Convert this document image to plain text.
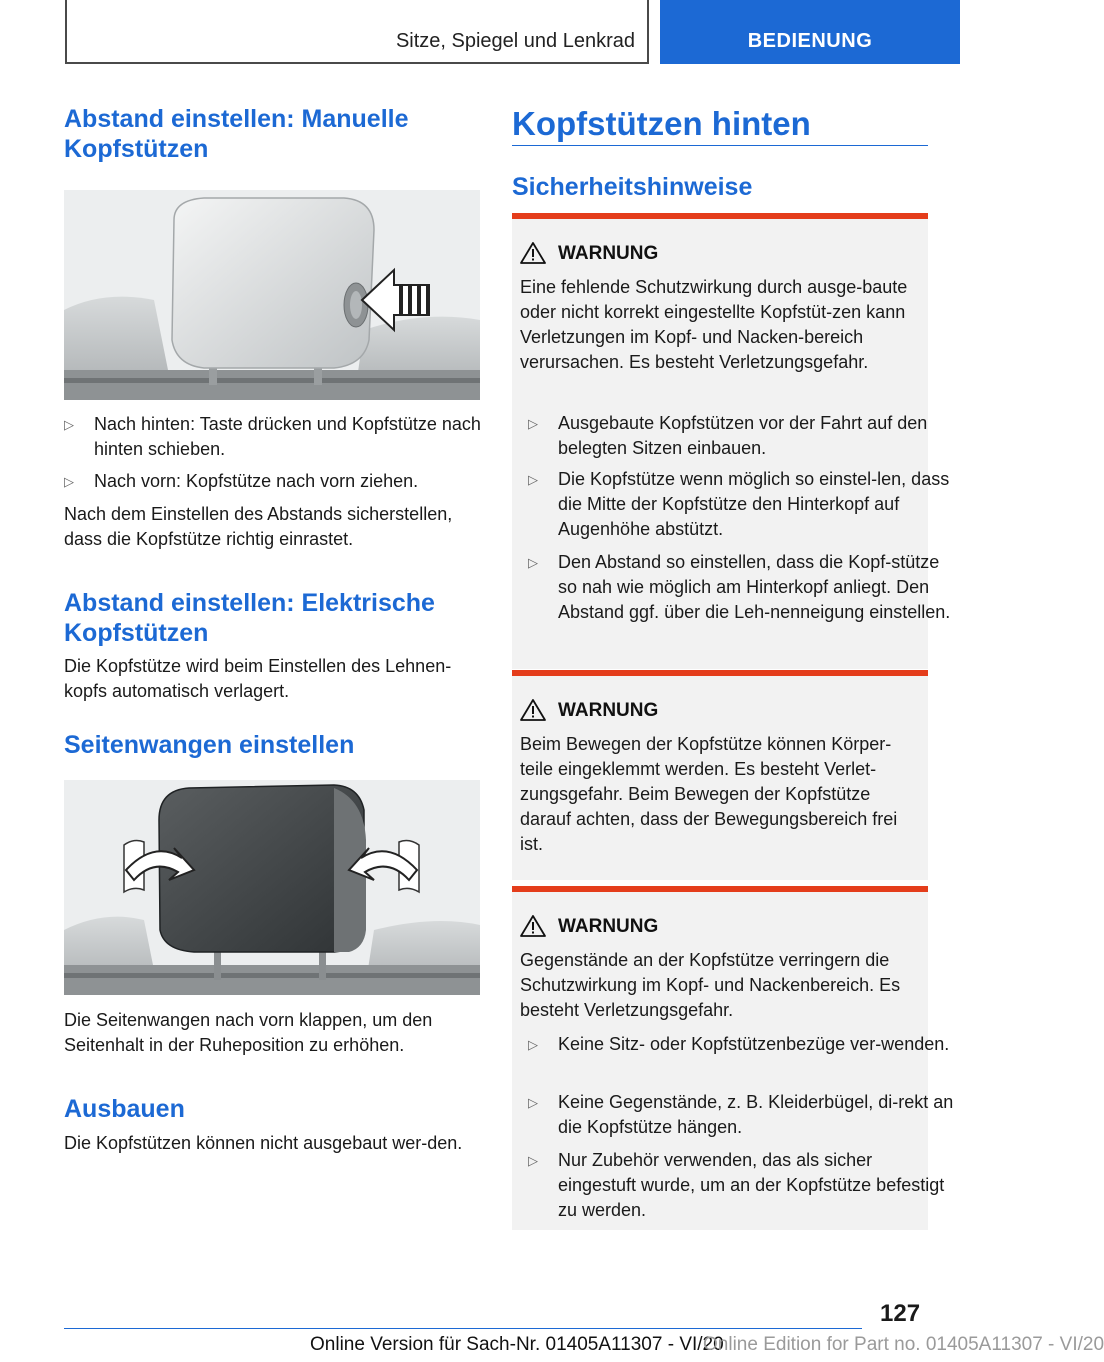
Sitze, Spiegel und Lenkrad	BEDIENUNG
Abstand einstellen: Manuelle Kopfstützen
▷ Nach hinten: Taste drücken und Kopfstütze nach hinten schieben.
▷ Nach vorn: Kopfstütze nach vorn ziehen.

Nach dem Einstellen des Abstands sicherstellen, dass die Kopfstütze richtig einrastet.

Abstand einstellen: Elektrische Kopfstützen

Die Kopfstütze wird beim Einstellen des Lehnen-kopfs automatisch verlagert.

Seitenwangen einstellen

Die Seitenwangen nach vorn klappen, um den Seitenhalt in der Ruheposition zu erhöhen.

Ausbauen

Die Kopfstützen können nicht ausgebaut wer-den.

Kopfstützen hinten
Sicherheitshinweise
WARNUNG
Eine fehlende Schutzwirkung durch ausge-baute oder nicht korrekt eingestellte Kopfstüt-zen kann Verletzungen im Kopf- und Nacken-bereich verursachen. Es besteht Verletzungsgefahr.
▷ Ausgebaute Kopfstützen vor der Fahrt auf den belegten Sitzen einbauen.
▷ Die Kopfstütze wenn möglich so einstel-len, dass die Mitte der Kopfstütze den Hinterkopf auf Augenhöhe abstützt.
▷ Den Abstand so einstellen, dass die Kopf-stütze so nah wie möglich am Hinterkopf anliegt. Den Abstand ggf. über die Leh-nenneigung einstellen.
WARNUNG
Beim Bewegen der Kopfstütze können Körper-teile eingeklemmt werden. Es besteht Verlet-zungsgefahr. Beim Bewegen der Kopfstütze darauf achten, dass der Bewegungsbereich frei ist.
WARNUNG
Gegenstände an der Kopfstütze verringern die Schutzwirkung im Kopf- und Nackenbereich. Es besteht Verletzungsgefahr.
▷ Keine Sitz- oder Kopfstützenbezüge ver-wenden.
▷ Keine Gegenstände, z. B. Kleiderbügel, di-rekt an die Kopfstütze hängen.
▷ Nur Zubehör verwenden, das als sicher eingestuft wurde, um an der Kopfstütze befestigt zu werden.
127
Online Version für Sach-Nr. 01405A11307 - VI/20
Online Edition for Part no. 01405A11307 - VI/20
